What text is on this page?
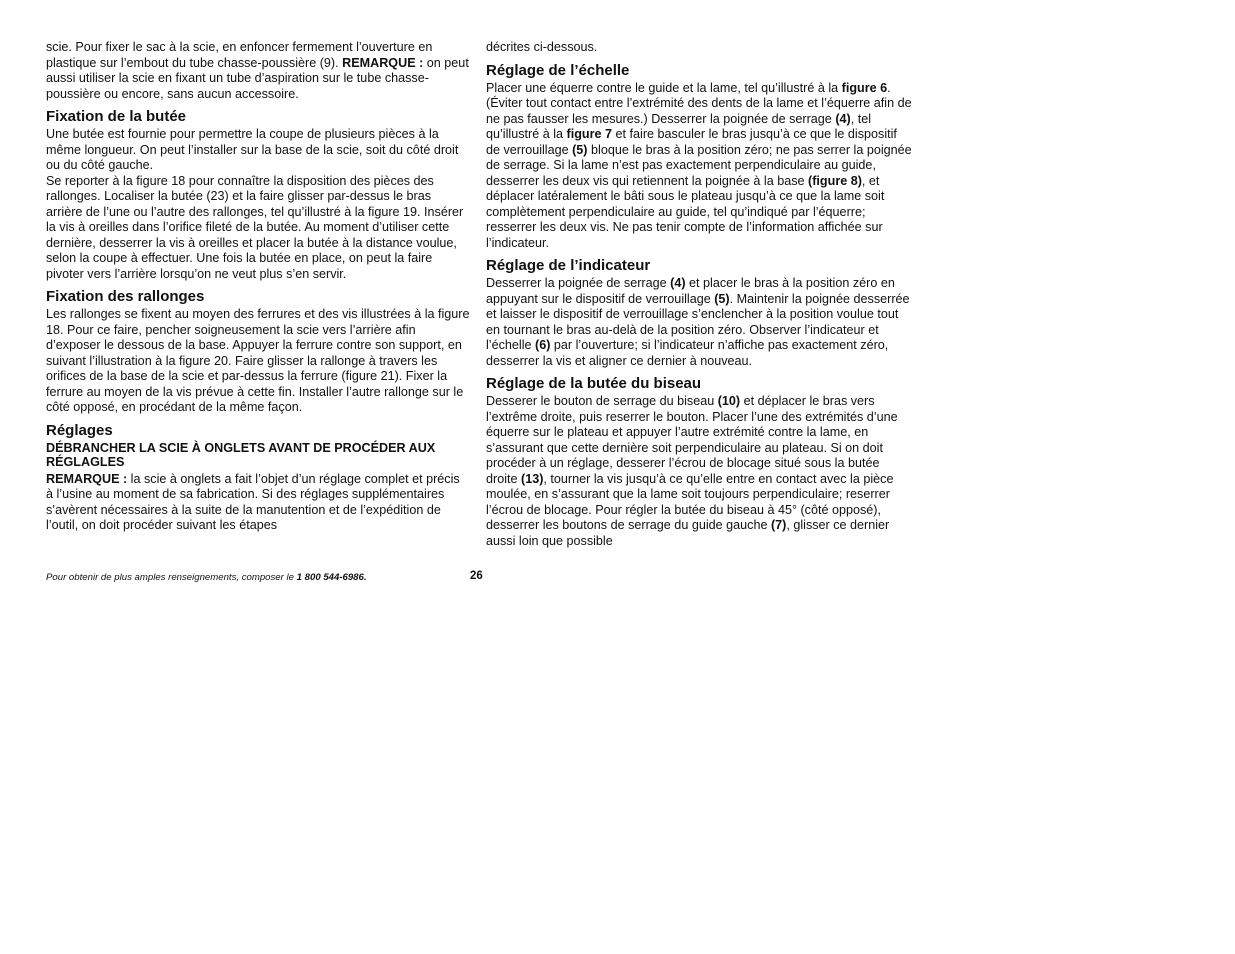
scie. Pour fixer le sac à la scie, en enfoncer fermement l’ouverture en plastique sur l’embout du tube chasse-poussière (9). REMARQUE : on peut aussi utiliser la scie en fixant un tube d’aspiration sur le tube chasse-poussière ou encore, sans aucun accessoire.

Fixation de la butée

Une butée est fournie pour permettre la coupe de plusieurs pièces à la même longueur. On peut l’installer sur la base de la scie, soit du côté droit ou du côté gauche.

Se reporter à la figure 18 pour connaître la disposition des pièces des rallonges. Localiser la butée (23) et la faire glisser par-dessus le bras arrière de l’une ou l’autre des rallonges, tel qu’illustré à la figure 19. Insérer la vis à oreilles dans l’orifice fileté de la butée. Au moment d’utiliser cette dernière, desserrer la vis à oreilles et placer la butée à la distance voulue, selon la coupe à effectuer. Une fois la butée en place, on peut la faire pivoter vers l’arrière lorsqu’on ne veut plus s’en servir.

Fixation des rallonges

Les rallonges se fixent au moyen des ferrures et des vis illustrées à la figure 18. Pour ce faire, pencher soigneusement la scie vers l’arrière afin d’exposer le dessous de la base. Appuyer la ferrure contre son support, en suivant l’illustration à la figure 20. Faire glisser la rallonge à travers les orifices de la base de la scie et par-dessus la ferrure (figure 21). Fixer la ferrure au moyen de la vis prévue à cette fin. Installer l’autre rallonge sur le côté opposé, en procédant de la même façon.

Réglages

DÉBRANCHER LA SCIE À ONGLETS AVANT DE PROCÉDER AUX RÉGLAGLES

REMARQUE : la scie à onglets a fait l’objet d’un réglage complet et précis à l’usine au moment de sa fabrication. Si des réglages supplémentaires s’avèrent nécessaires à la suite de la manutention et de l’expédition de l’outil, on doit procéder suivant les étapes

décrites ci-dessous.

Réglage de l’échelle

Placer une équerre contre le guide et la lame, tel qu’illustré à la figure 6. (Éviter tout contact entre l’extrémité des dents de la lame et l’équerre afin de ne pas fausser les mesures.) Desserrer la poignée de serrage (4), tel qu’illustré à la figure 7 et faire basculer le bras jusqu’à ce que le dispositif de verrouillage (5) bloque le bras à la position zéro; ne pas serrer la poignée de serrage. Si la lame n’est pas exactement perpendiculaire au guide, desserrer les deux vis qui retiennent la poignée à la base (figure 8), et déplacer latéralement le bâti sous le plateau jusqu’à ce que la lame soit complètement perpendiculaire au guide, tel qu’indiqué par l’équerre; resserrer les deux vis. Ne pas tenir compte de l’information affichée sur l’indicateur.

Réglage de l’indicateur

Desserrer la poignée de serrage (4) et placer le bras à la position zéro en appuyant sur le dispositif de verrouillage (5). Maintenir la poignée desserrée et laisser le dispositif de verrouillage s’enclencher à la position voulue tout en tournant le bras au-delà de la position zéro. Observer l’indicateur et l’échelle (6) par l’ouverture; si l’indicateur n’affiche pas exactement zéro, desserrer la vis et aligner ce dernier à nouveau.

Réglage de la butée du biseau

Desserer le bouton de serrage du biseau (10) et déplacer le bras vers l’extrême droite, puis reserrer le bouton. Placer l’une des extrémités d’une équerre sur le plateau et appuyer l’autre extrémité contre la lame, en s’assurant que cette dernière soit perpendiculaire au plateau. Si on doit procéder à un réglage, desserer l’écrou de blocage situé sous la butée droite (13), tourner la vis jusqu’à ce qu’elle entre en contact avec la pièce moulée, en s’assurant que la lame soit toujours perpendiculaire; reserrer l’écrou de blocage. Pour régler la butée du biseau à 45° (côté opposé), desserrer les boutons de serrage du guide gauche (7), glisser ce dernier aussi loin que possible

Pour obtenir de plus amples renseignements, composer le 1 800 544-6986.	26
